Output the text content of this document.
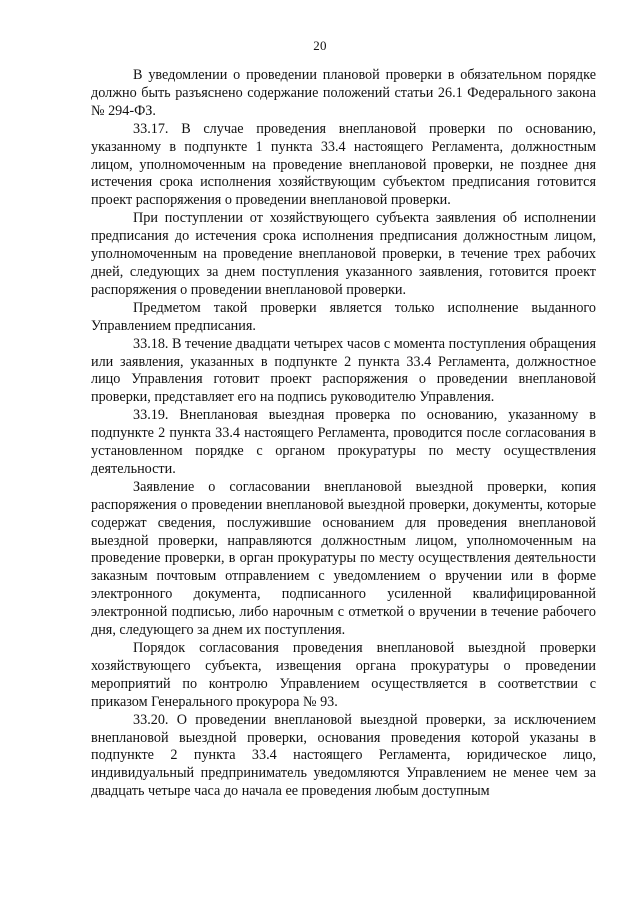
20

В уведомлении о проведении плановой проверки в обязательном порядке должно быть разъяснено содержание положений статьи 26.1 Федерального закона № 294-ФЗ.

33.17. В случае проведения внеплановой проверки по основанию, указанному в подпункте 1 пункта 33.4 настоящего Регламента, должностным лицом, уполномоченным на проведение внеплановой проверки, не позднее дня истечения срока исполнения хозяйствующим субъектом предписания готовится проект распоряжения о проведении внеплановой проверки.

При поступлении от хозяйствующего субъекта заявления об исполнении предписания до истечения срока исполнения предписания должностным лицом, уполномоченным на проведение внеплановой проверки, в течение трех рабочих дней, следующих за днем поступления указанного заявления, готовится проект распоряжения о проведении внеплановой проверки.

Предметом такой проверки является только исполнение выданного Управлением предписания.

33.18. В течение двадцати четырех часов с момента поступления обращения или заявления, указанных в подпункте 2 пункта 33.4 Регламента, должностное лицо Управления готовит проект распоряжения о проведении внеплановой проверки, представляет его на подпись руководителю Управления.

33.19. Внеплановая выездная проверка по основанию, указанному в подпункте 2 пункта 33.4 настоящего Регламента, проводится после согласования в установленном порядке с органом прокуратуры по месту осуществления деятельности.

Заявление о согласовании внеплановой выездной проверки, копия распоряжения о проведении внеплановой выездной проверки, документы, которые содержат сведения, послужившие основанием для проведения внеплановой выездной проверки, направляются должностным лицом, уполномоченным на проведение проверки, в орган прокуратуры по месту осуществления деятельности заказным почтовым отправлением с уведомлением о вручении или в форме электронного документа, подписанного усиленной квалифицированной электронной подписью, либо нарочным с отметкой о вручении в течение рабочего дня, следующего за днем их поступления.

Порядок согласования проведения внеплановой выездной проверки хозяйствующего субъекта, извещения органа прокуратуры о проведении мероприятий по контролю Управлением осуществляется в соответствии с приказом Генерального прокурора № 93.

33.20. О проведении внеплановой выездной проверки, за исключением внеплановой выездной проверки, основания проведения которой указаны в подпункте 2 пункта 33.4 настоящего Регламента, юридическое лицо, индивидуальный предприниматель уведомляются Управлением не менее чем за двадцать четыре часа до начала ее проведения любым доступным
